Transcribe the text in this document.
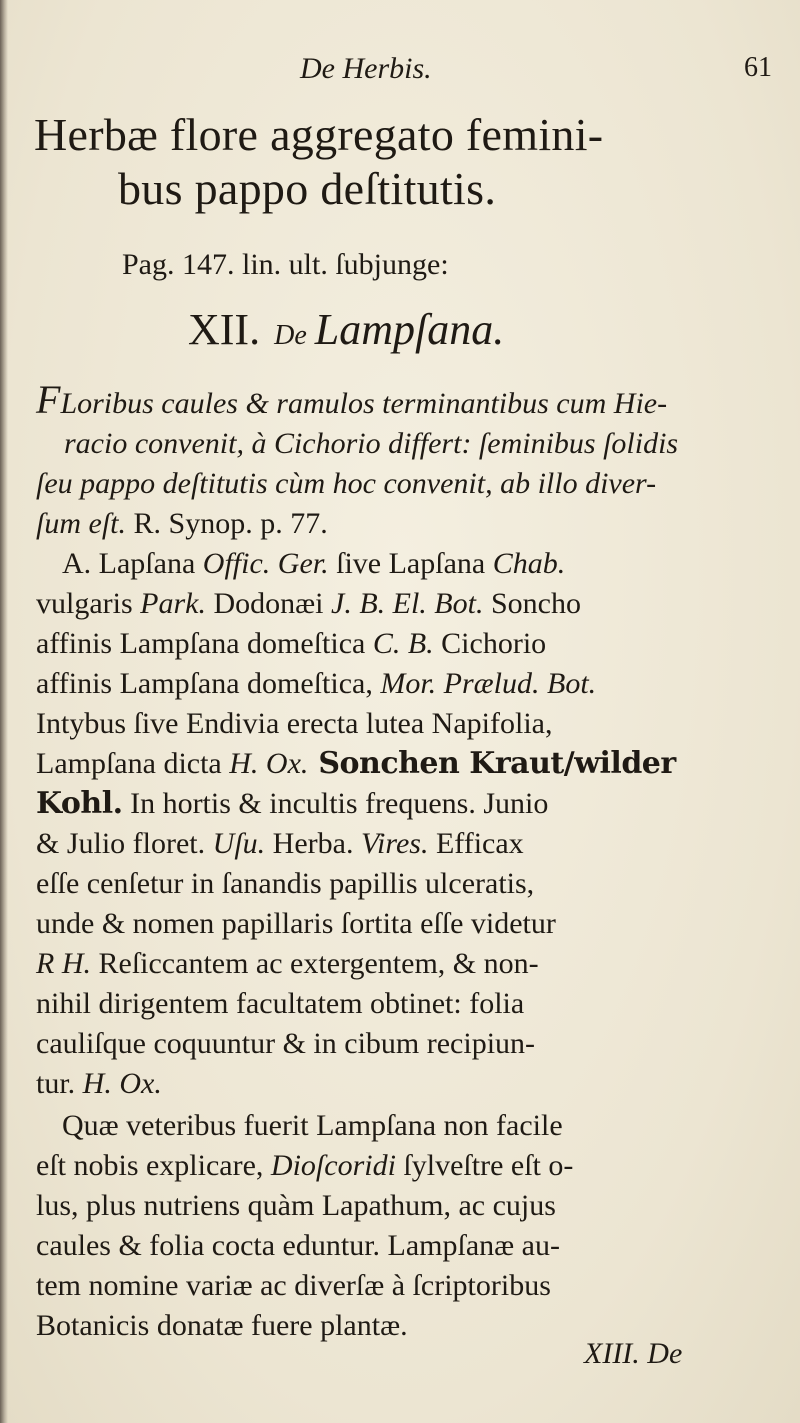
De Herbis.	61
Herbæ flore aggregato femini-
bus pappo deſtitutis.
Pag. 147. lin. ult. ſubjunge:
XII. De Lampſana.
FLoribus caules & ramulos terminantibus cum Hie-
racio convenit, à Cichorio differt: ſeminibus ſolidis
ſeu pappo deſtitutis cùm hoc convenit, ab illo diver-
ſum eſt. R. Synop. p. 77.
A. Lapſana Offic. Ger. ſive Lapſana Chab.
vulgaris Park. Dodonæi J. B. El. Bot. Soncho
affinis Lampſana domeſtica C. B. Cichorio
affinis Lampſana domeſtica, Mor. Prælud. Bot.
Intybus ſive Endivia erecta lutea Napifolia,
Lampſana dicta H. Ox. Sonchen Kraut/wilder
Kohl. In hortis & incultis frequens. Junio
& Julio floret. Uſu. Herba. Vires. Efficax
eſſe cenſetur in ſanandis papillis ulceratis,
unde & nomen papillaris ſortita eſſe videtur
R H. Reſiccantem ac extergentem, & non-
nihil dirigentem facultatem obtinet: folia
cauliſque coquuntur & in cibum recipiun-
tur. H. Ox.
Quæ veteribus fuerit Lampſana non facile
eſt nobis explicare, Dioſcoridi ſylveſtre eſt o-
lus, plus nutriens quàm Lapathum, ac cujus
caules & folia cocta eduntur. Lampſanæ au-
tem nomine variæ ac diverſæ à ſcriptoribus
Botanicis donatæ fuere plantæ.
XIII. De
